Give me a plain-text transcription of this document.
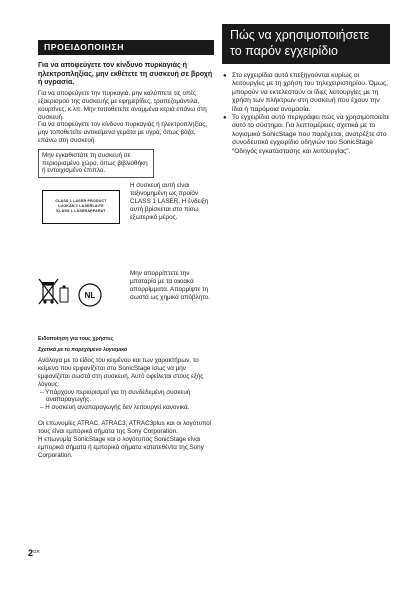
ΠΡΟΕΙΔΟΠΟΙΗΣΗ
Για να αποφεύγετε τον κίνδυνο πυρκαγιάς ή ηλεκτροπληξίας, μην εκθέτετε τη συσκευή σε βροχή ή υγρασία.
Για να αποφεύγετε την πυρκαγιά, μην καλύπτετε τις οπές εξαερισμού της συσκευής με εφημερίδες, τραπεζομάντιλα, κουρτίνες, κ.λπ. Μην τοποθετείτε αναμμένα κεριά επάνω στη συσκευή.
Για να αποφεύγετε τον κίνδυνο πυρκαγιάς ή ηλεκτροπληξίας, μην τοποθετείτε αντικείμενα γεμάτα με υγρά, όπως βάζα, επάνω στη συσκευή.
Μην εγκαθιστάτε τη συσκευή σε περιορισμένο χώρο, όπως βιβλιοθήκη ή εντοιχισμένο έπιπλο.
CLASS 1 LASER PRODUCT
LUOKAN 1 LASERLAITE
KLASS 1 LASERAPPARAT
Η συσκευή αυτή είναι ταξινομημένη ως προϊόν CLASS 1 LASER. Η ένδειξη αυτή βρίσκεται στο πίσω εξωτερικό μέρος.
NL
Μην απορρίπτετε την μπαταρία με τα οικιακά απορρίμματα. Απορρίψτε τη σωστά ως χημικά απόβλητο.
Ειδοποίηση για τους χρήστες
Σχετικά με το παρεχόμενο λογισμικό
Ανάλογα με το είδος του κειμένου και των χαρακτήρων, το κείμενο που εμφανίζεται στο SonicStage ίσως να μην εμφανίζεται σωστά στη συσκευή. Αυτό οφείλεται στους εξής λόγους:
– Υπάρχουν περιορισμοί για τη συνδεδεμένη συσκευή αναπαραγωγής.
– Η συσκευή αναπαραγωγής δεν λειτουργεί κανονικά.
Οι επωνυμίες ATRAC, ATRAC3, ATRAC3plus και οι λογότυποί τους είναι εμπορικά σήματα της Sony Corporation.
Η επωνυμία SonicStage και ο λογότυπος SonicStage είναι εμπορικά σήματα ή εμπορικά σήματα κατατεθέντα της Sony Corporation.
Πώς να χρησιμοποιήσετε το παρόν εγχειρίδιο
● Στο εγχειρίδιο αυτό επεξηγούνται κυρίως οι λειτουργίες με τη χρήση του τηλεχειριστηρίου. Όμως, μπορούν να εκτελεστούν οι ίδιες λειτουργίες με τη χρήση των πλήκτρων στη συσκευή που έχουν την ίδια ή παρόμοια ονομασία.
● Το εγχειρίδιο αυτό περιγράφει πώς να χρησιμοποιείτε αυτό το σύστημα. Για λεπτομέρειες σχετικά με το λογισμικό SonicStage που παρέχεται, ανατρέξτε στο συνοδευτικό εγχειρίδιο οδηγιών του SonicStage “Οδηγός εγκατάστασης και λειτουργίας”.
$2^{GR}$
